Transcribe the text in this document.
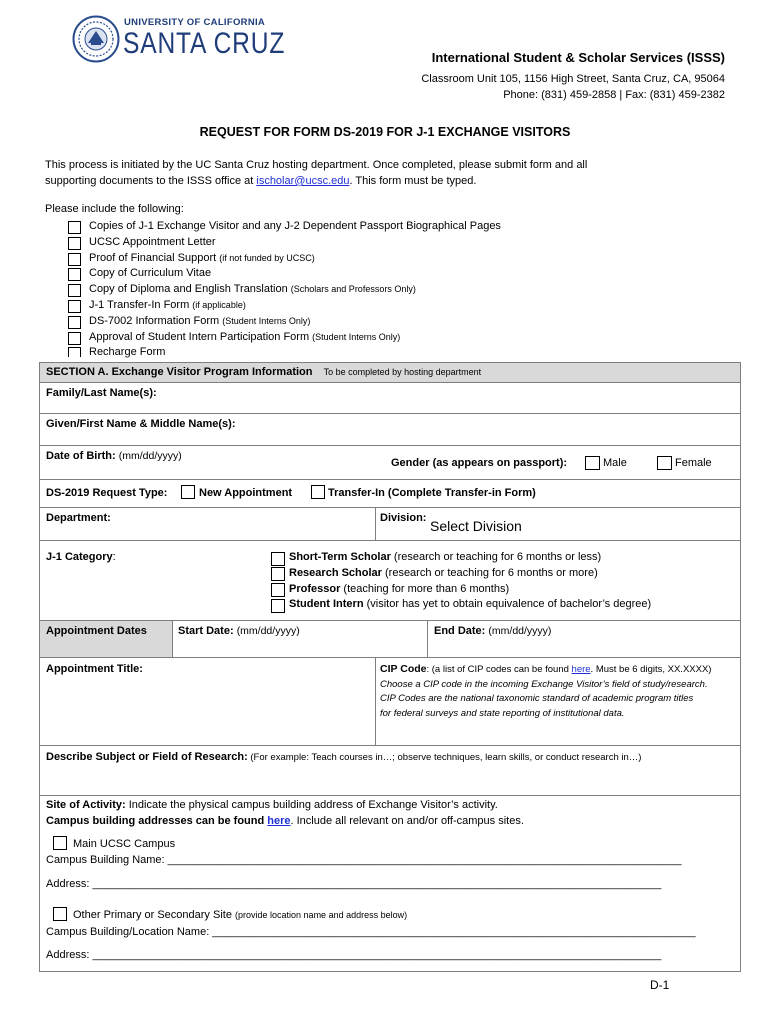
UNIVERSITY OF CALIFORNIA
SANTA CRUZ	International Student & Scholar Services (ISSS)
Classroom Unit 105, 1156 High Street, Santa Cruz, CA, 95064
Phone: (831) 459-2858 | Fax: (831) 459-2382
REQUEST FOR FORM DS-2019 FOR J-1 EXCHANGE VISITORS
This process is initiated by the UC Santa Cruz hosting department. Once completed, please submit form and all
supporting documents to the ISSS office at ischolar@ucsc.edu. This form must be typed.
Please include the following:
Copies of J-1 Exchange Visitor and any J-2 Dependent Passport Biographical Pages
UCSC Appointment Letter
Proof of Financial Support (if not funded by UCSC)
Copy of Curriculum Vitae
Copy of Diploma and English Translation (Scholars and Professors Only)
J-1 Transfer-In Form (if applicable)
DS-7002 Information Form (Student Interns Only)
Approval of Student Intern Participation Form (Student Interns Only)
Recharge Form
SECTION A. Exchange Visitor Program Information To be completed by hosting department
Family/Last Name(s):
Given/First Name & Middle Name(s):
Date of Birth: (mm/dd/yyyy)
Gender (as appears on passport):	Male	Female
DS-2019 Request Type:	New Appointment	Transfer-In (Complete Transfer-in Form)
Department:	Division: Select Division
J-1 Category:	Short-Term Scholar (research or teaching for 6 months or less)
Research Scholar (research or teaching for 6 months or more)
Professor (teaching for more than 6 months)
Student Intern (visitor has yet to obtain equivalence of bachelor’s degree)
Appointment Dates	Start Date: (mm/dd/yyyy)	End Date: (mm/dd/yyyy)
Appointment Title:	CIP Code: (a list of CIP codes can be found here. Must be 6 digits, XX.XXXX)
Choose a CIP code in the incoming Exchange Visitor’s field of study/research.
CIP Codes are the national taxonomic standard of academic program titles
for federal surveys and state reporting of institutional data.
Describe Subject or Field of Research: (For example: Teach courses in…; observe techniques, learn skills, or conduct research in…)
Site of Activity: Indicate the physical campus building address of Exchange Visitor’s activity.
Campus building addresses can be found here. Include all relevant on and/or off-campus sites.
Main UCSC Campus
Campus Building Name: ____________________________________________________________________________________
Address: _____________________________________________________________________________________________
Other Primary or Secondary Site (provide location name and address below)
Campus Building/Location Name: _______________________________________________________________________________
Address: _____________________________________________________________________________________________
D-1
